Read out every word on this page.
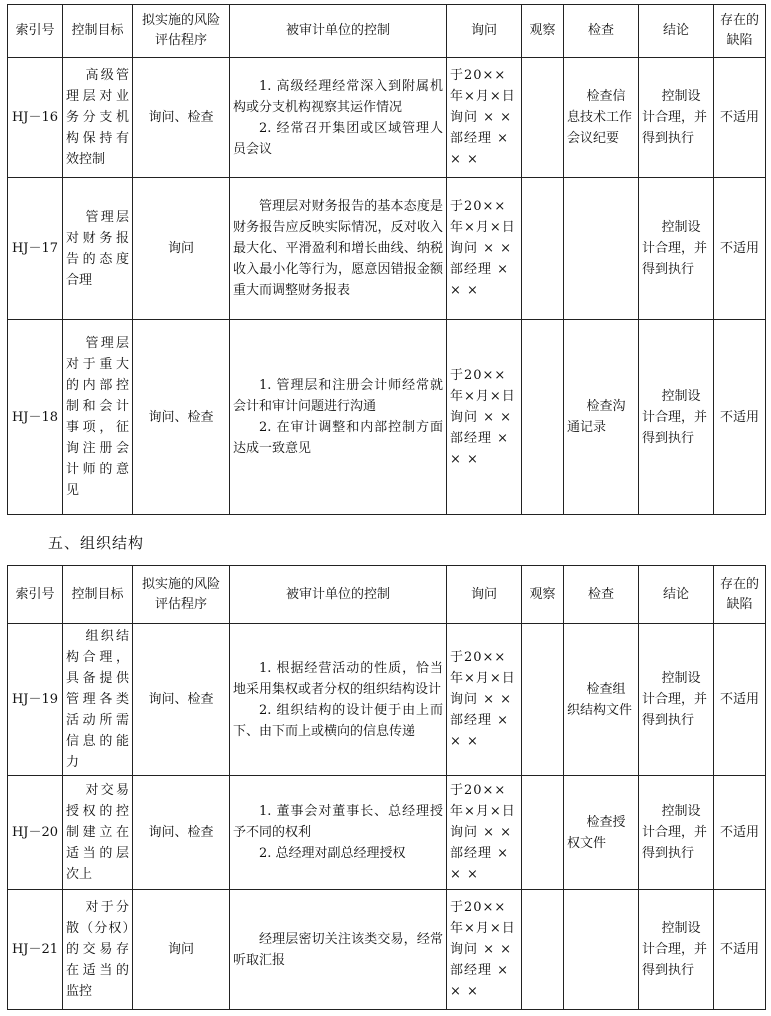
索引号	控制目标	拟实施的风险评估程序	被审计单位的控制	询问	观察	检查	结论	存在的缺陷
HJ－16	高级管理层对业务分支机构保持有效控制	询问、检查	1. 高级经理经常深入到附属机构或分支机构视察其运作情况
2. 经常召开集团或区域管理人员会议	于20××
年×月×日
询问 × ×
部经理 ×
× ×		检查信息技术工作会议纪要	控制设计合理，并得到执行	不适用
HJ－17	管理层对财务报告的态度合理	询问	管理层对财务报告的基本态度是财务报告应反映实际情况，反对收入最大化、平滑盈利和增长曲线、纳税收入最小化等行为，愿意因错报金额重大而调整财务报表	于20××
年×月×日
询问 × ×
部经理 ×
× ×			控制设计合理，并得到执行	不适用
HJ－18	管理层对于重大的内部控制和会计事项，征询注册会计师的意见	询问、检查	1. 管理层和注册会计师经常就会计和审计问题进行沟通
2. 在审计调整和内部控制方面达成一致意见	于20××
年×月×日
询问 × ×
部经理 ×
× ×		检查沟通记录	控制设计合理，并得到执行	不适用
五、组织结构
索引号	控制目标	拟实施的风险评估程序	被审计单位的控制	询问	观察	检查	结论	存在的缺陷
HJ－19	组织结构合理，具备提供管理各类活动所需信息的能力	询问、检查	1. 根据经营活动的性质，恰当地采用集权或者分权的组织结构设计
2. 组织结构的设计便于由上而下、由下而上或横向的信息传递	于20××
年×月×日
询问 × ×
部经理 ×
× ×		检查组织结构文件	控制设计合理，并得到执行	不适用
HJ－20	对交易授权的控制建立在适当的层次上	询问、检查	1. 董事会对董事长、总经理授予不同的权利
2. 总经理对副总经理授权	于20××
年×月×日
询问 × ×
部经理 ×
× ×		检查授权文件	控制设计合理，并得到执行	不适用
HJ－21	对于分散（分权）的交易存在适当的监控	询问	经理层密切关注该类交易，经常听取汇报	于20××
年×月×日
询问 × ×
部经理 ×
× ×			控制设计合理，并得到执行	不适用
